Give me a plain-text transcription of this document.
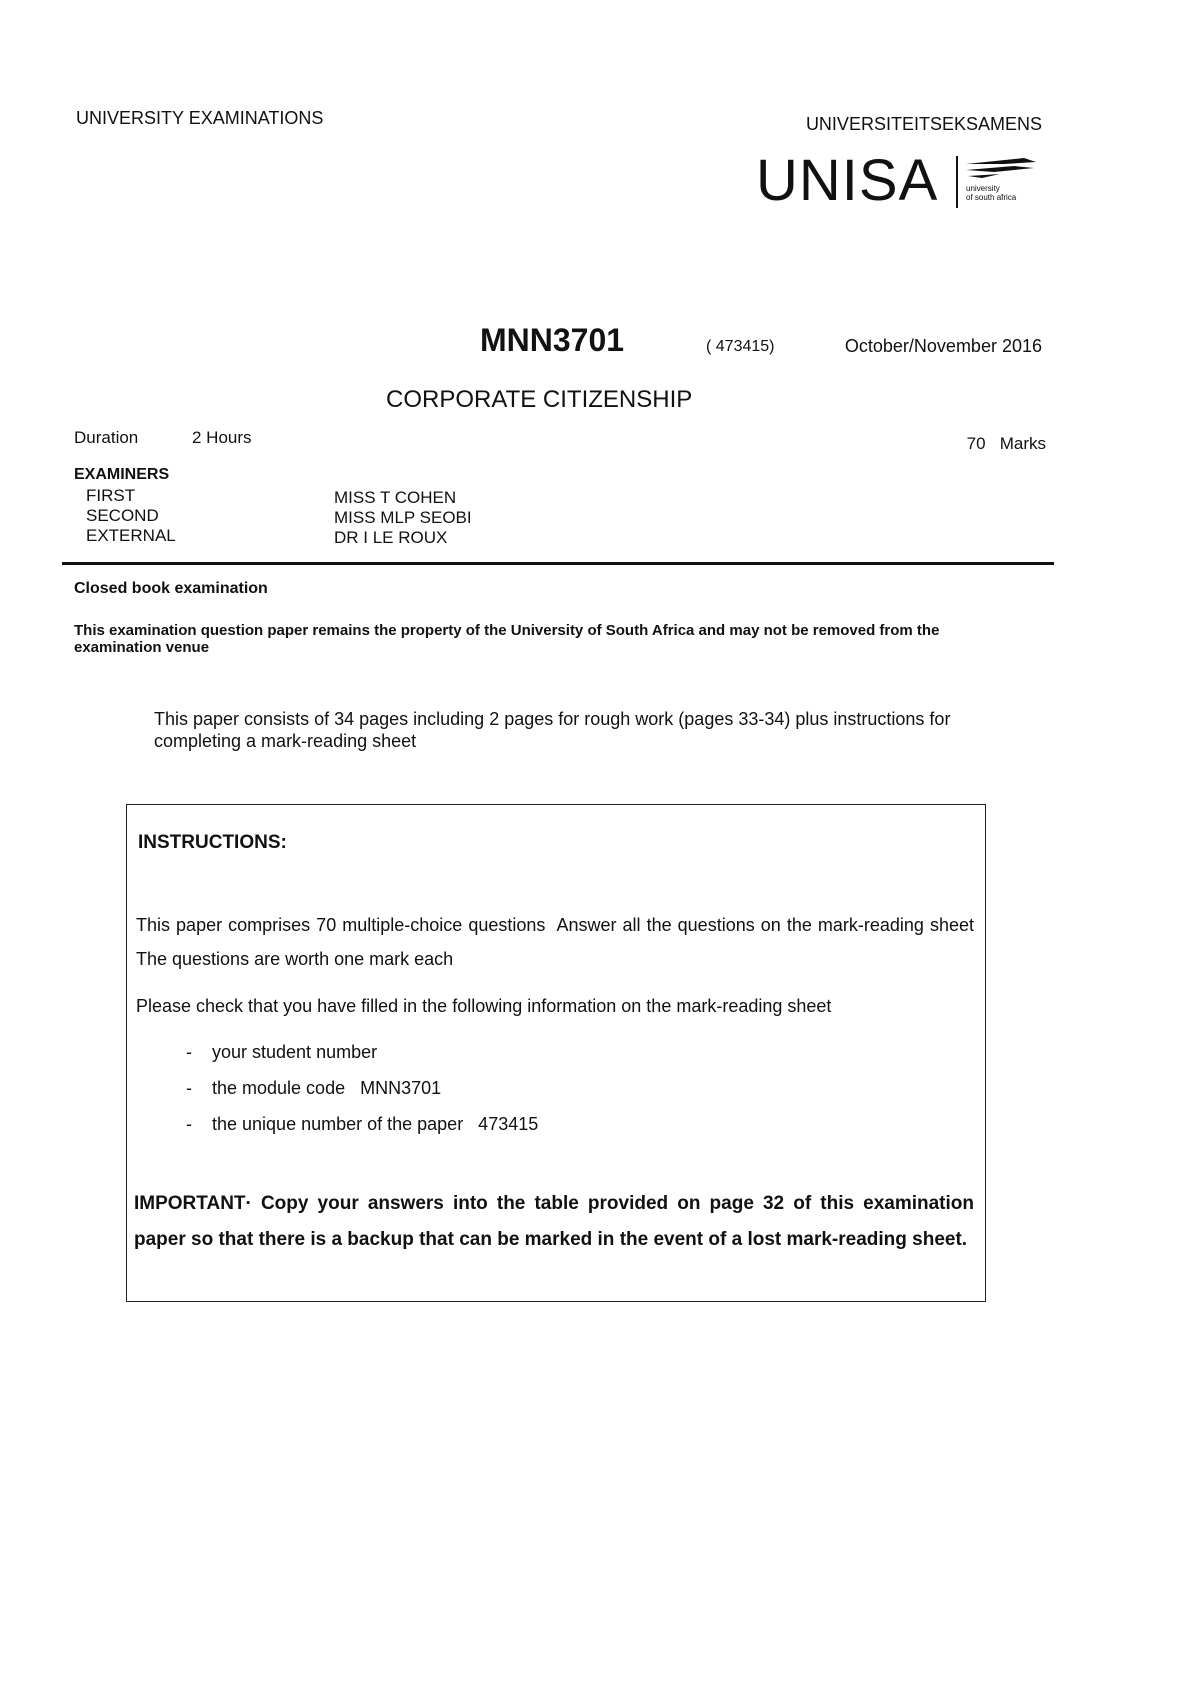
UNIVERSITY EXAMINATIONS	UNIVERSITEITSEKSAMENS
UNISA	university
of south africa
MNN3701	( 473415)	October/November 2016
CORPORATE CITIZENSHIP
Duration	2 Hours	70   Marks
EXAMINERS
FIRST	MISS T COHEN
SECOND	MISS MLP SEOBI
EXTERNAL	DR I LE ROUX
Closed book examination
This examination question paper remains the property of the University of South Africa and may not be removed from the examination venue
This paper consists of 34 pages including 2 pages for rough work (pages 33-34) plus instructions for completing a mark-reading sheet
INSTRUCTIONS:
This paper comprises 70 multiple-choice questions  Answer all the questions on the mark-reading sheet  The questions are worth one mark each
Please check that you have filled in the following information on the mark-reading sheet
- your student number
- the module code   MNN3701
- the unique number of the paper   473415
IMPORTANT· Copy your answers into the table provided on page 32 of this examination paper so that there is a backup that can be marked in the event of a lost mark-reading sheet.
